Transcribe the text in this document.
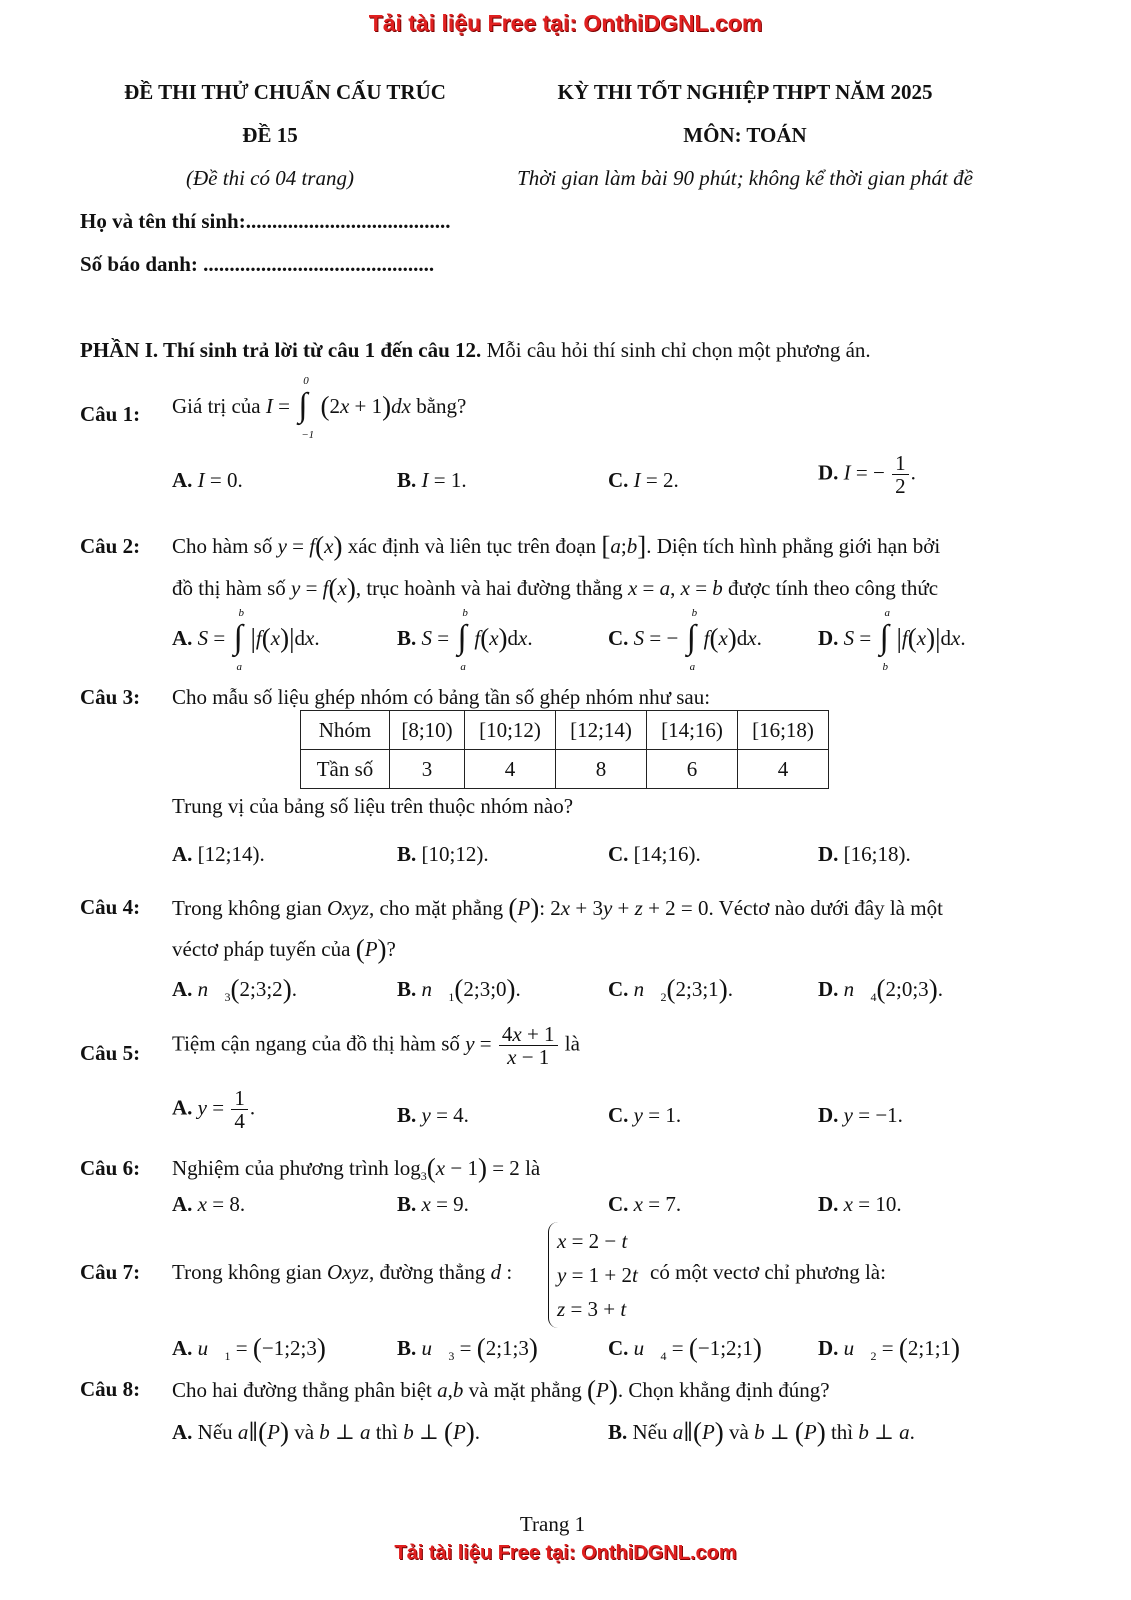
Tải tài liệu Free tại: OnthiDGNL.com
ĐỀ THI THỬ CHUẨN CẤU TRÚC	KỲ THI TỐT NGHIỆP THPT NĂM 2025
ĐỀ 15	MÔN: TOÁN
(Đề thi có 04 trang)	Thời gian làm bài 90 phút; không kể thời gian phát đề
Họ và tên thí sinh:.......................................
Số báo danh: ............................................
PHẦN I. Thí sinh trả lời từ câu 1 đến câu 12. Mỗi câu hỏi thí sinh chỉ chọn một phương án.
Câu 1: Giá trị của I =
0
∫
−1
(2x + 1)dx bằng?
A. I = 0.	B. I = 1.	C. I = 2.	D. I = − $\frac{1}{2}$ .
Câu 2: Cho hàm số y = f(x) xác định và liên tục trên đoạn [a;b]. Diện tích hình phẳng giới hạn bởi
đồ thị hàm số y = f(x), trục hoành và hai đường thẳng x = a, x = b được tính theo công thức
A. S =
b
∫
a
|f(x)|dx.	B. S =
b
∫
a
f(x)dx.	C. S = −
b
∫
a
f(x)dx.	D. S =
a
∫
b
|f(x)|dx.
Câu 3: Cho mẫu số liệu ghép nhóm có bảng tần số ghép nhóm như sau:
Nhóm	[8;10)	[10;12)	[12;14)	[14;16)	[16;18)
Tần số	3	4	8	6	4
Trung vị của bảng số liệu trên thuộc nhóm nào?
A. [12;14).	B. [10;12).	C. [14;16).	D. [16;18).
Câu 4: Trong không gian Oxyz, cho mặt phẳng (P): 2x + 3y + z + 2 = 0. Véctơ nào dưới đây là một
véctơ pháp tuyến của (P)?
A. $n⃗_3(2;3;2)$.	B. $n⃗_1(2;3;0)$.	C. $n⃗_2(2;3;1)$.	D. $n⃗_4(2;0;3)$.
Câu 5: Tiệm cận ngang của đồ thị hàm số $y = \frac{4x + 1}{x - 1}$ là
A. $y = \frac{1}{4}$ .	B. y = 4.	C. y = 1.	D. y = −1.
Câu 6: Nghiệm của phương trình $\log_3(x - 1) = 2$ là
A. x = 8.	B. x = 9.	C. x = 7.	D. x = 10.
Câu 7: Trong không gian Oxyz, đường thẳng d :
x = 2 − t
y = 1 + 2t
z = 3 + t
có một vectơ chỉ phương là:
A. $u⃗_1$ = (−1;2;3)	B. $u⃗_3$ = (2;1;3)	C. $u⃗_4$ = (−1;2;1)	D. $u⃗_2$ = (2;1;1)
Câu 8: Cho hai đường thẳng phân biệt a,b và mặt phẳng (P). Chọn khẳng định đúng?
A. Nếu a∥(P) và b ⊥ a thì b ⊥ (P).	B. Nếu a∥(P) và b ⊥ (P) thì b ⊥ a.
Trang 1
Tải tài liệu Free tại: OnthiDGNL.com
